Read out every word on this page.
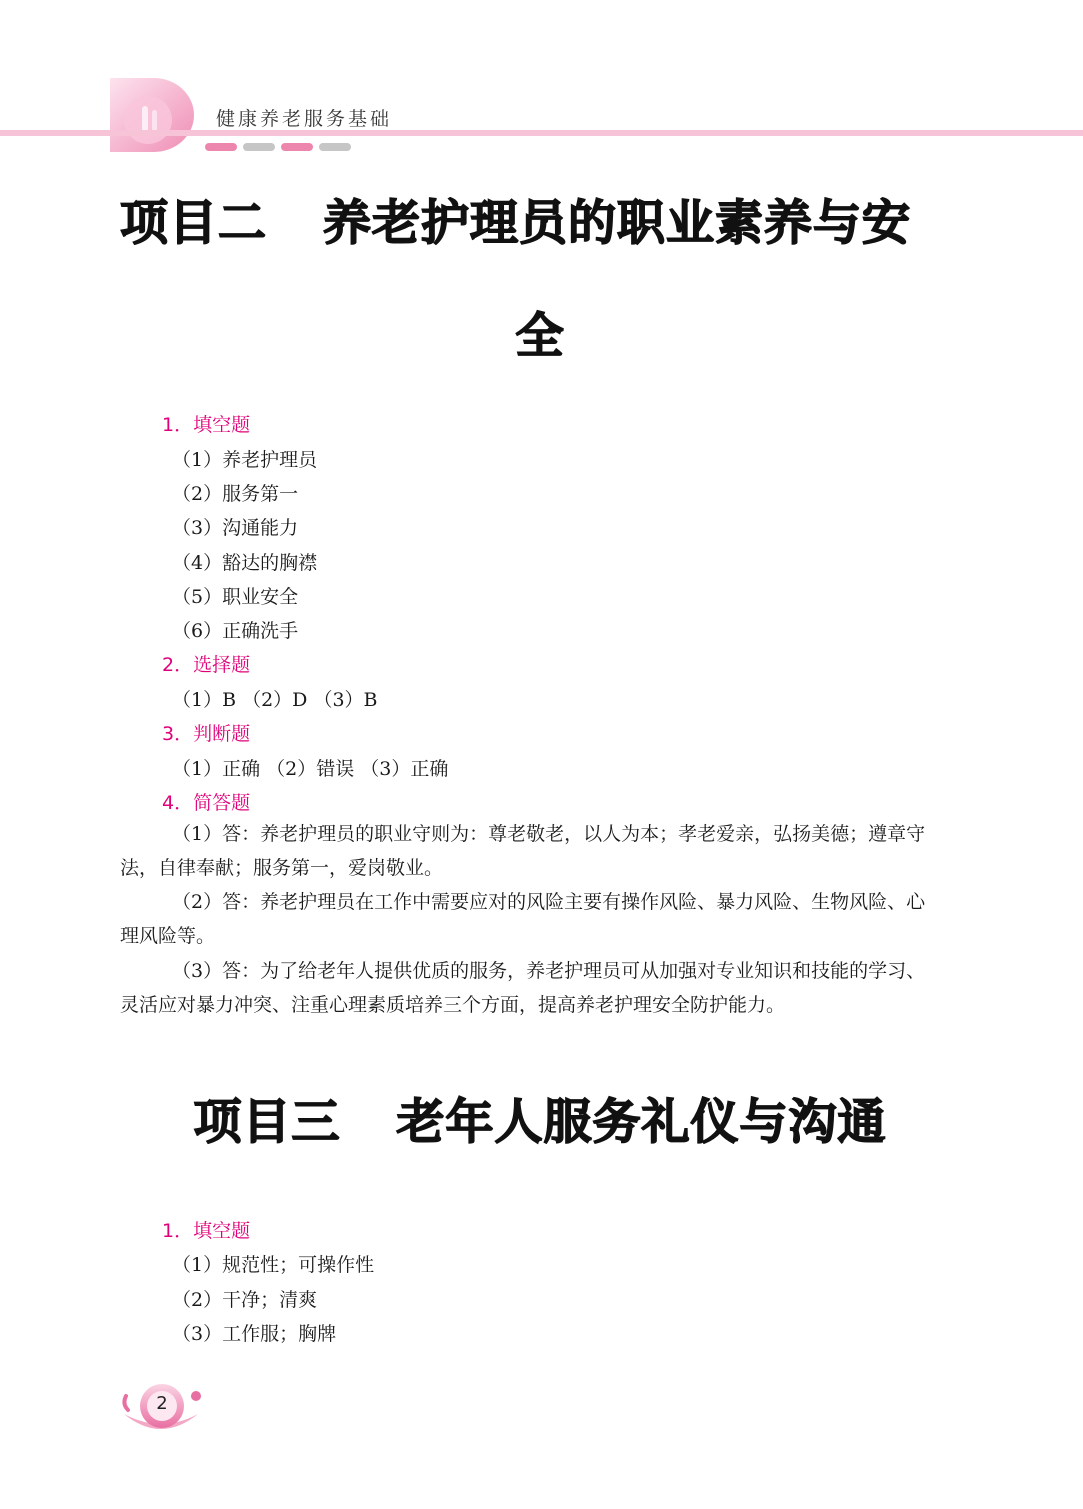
健康养老服务基础
项目二 养老护理员的职业素养与安
全
1．填空题
（1）养老护理员
（2）服务第一
（3）沟通能力
（4）豁达的胸襟
（5）职业安全
（6）正确洗手
2．选择题
（1）B （2）D （3）B
3．判断题
（1）正确 （2）错误 （3）正确
4．简答题

（1）答：养老护理员的职业守则为：尊老敬老，以人为本；孝老爱亲，弘扬美德；遵章守法，自律奉献；服务第一，爱岗敬业。

（2）答：养老护理员在工作中需要应对的风险主要有操作风险、暴力风险、生物风险、心理风险等。

（3）答：为了给老年人提供优质的服务，养老护理员可从加强对专业知识和技能的学习、灵活应对暴力冲突、注重心理素质培养三个方面，提高养老护理安全防护能力。

项目三 老年人服务礼仪与沟通
1．填空题
（1）规范性；可操作性
（2）干净；清爽
（3）工作服；胸牌
2
